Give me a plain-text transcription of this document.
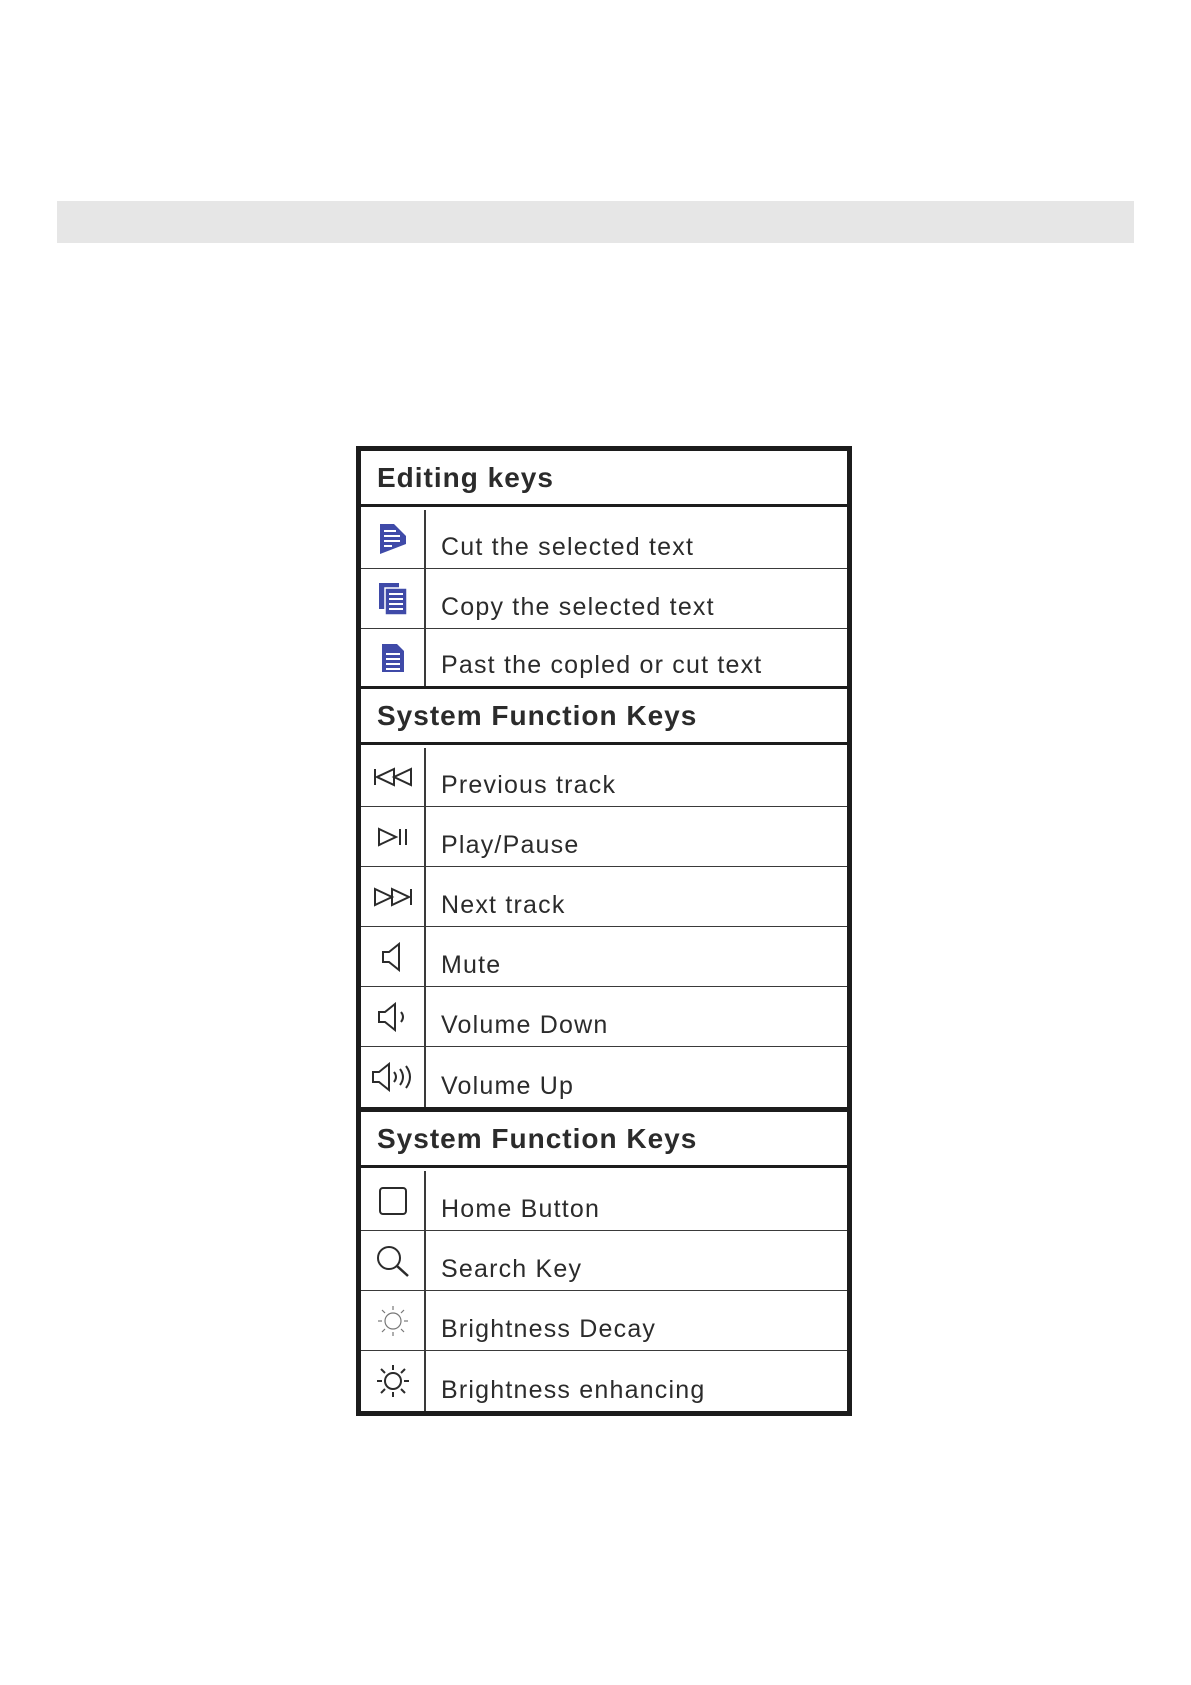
Editing keys
Cut the selected text
Copy the selected text
Past the copled or cut text
System Function Keys
Previous track
Play/Pause
Next track
Mute
Volume Down
Volume Up
System Function Keys
Home Button
Search Key
Brightness Decay
Brightness enhancing
